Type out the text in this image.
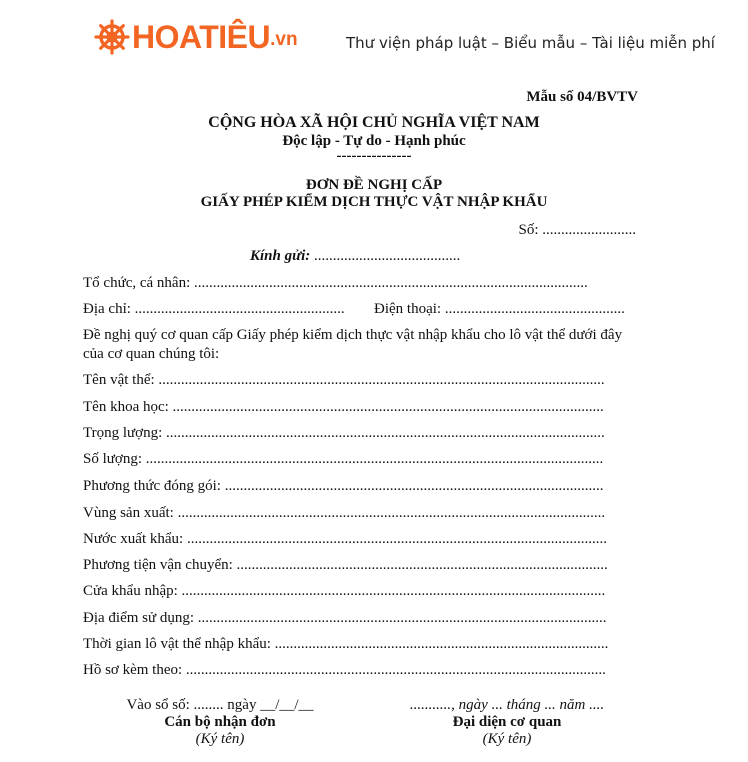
HOATIÊU .vn	Thư viện pháp luật – Biểu mẫu – Tài liệu miễn phí
Mẫu số 04/BVTV
CỘNG HÒA XÃ HỘI CHỦ NGHĨA VIỆT NAM
Độc lập - Tự do - Hạnh phúc
---------------
ĐƠN ĐỀ NGHỊ CẤP
GIẤY PHÉP KIỂM DỊCH THỰC VẬT NHẬP KHẨU
Số: .........................
Kính gửi: .......................................
Tổ chức, cá nhân: .........................................................................................................
Địa chỉ: ........................................................ Điện thoại: ................................................
Đề nghị quý cơ quan cấp Giấy phép kiểm dịch thực vật nhập khẩu cho lô vật thể dưới đây của cơ quan chúng tôi:
Tên vật thể: .......................................................................................................................
Tên khoa học: ...................................................................................................................
Trọng lượng: .....................................................................................................................
Số lượng: ..........................................................................................................................
Phương thức đóng gói: .....................................................................................................
Vùng sản xuất: ..................................................................................................................
Nước xuất khẩu: ................................................................................................................
Phương tiện vận chuyển: ...................................................................................................
Cửa khẩu nhập: .................................................................................................................
Địa điểm sử dụng: .............................................................................................................
Thời gian lô vật thể nhập khẩu: .........................................................................................
Hồ sơ kèm theo: ................................................................................................................
Vào sổ số: ........ ngày __/__/__
Cán bộ nhận đơn
(Ký tên)
..........., ngày ... tháng ... năm ....
Đại diện cơ quan
(Ký tên)
